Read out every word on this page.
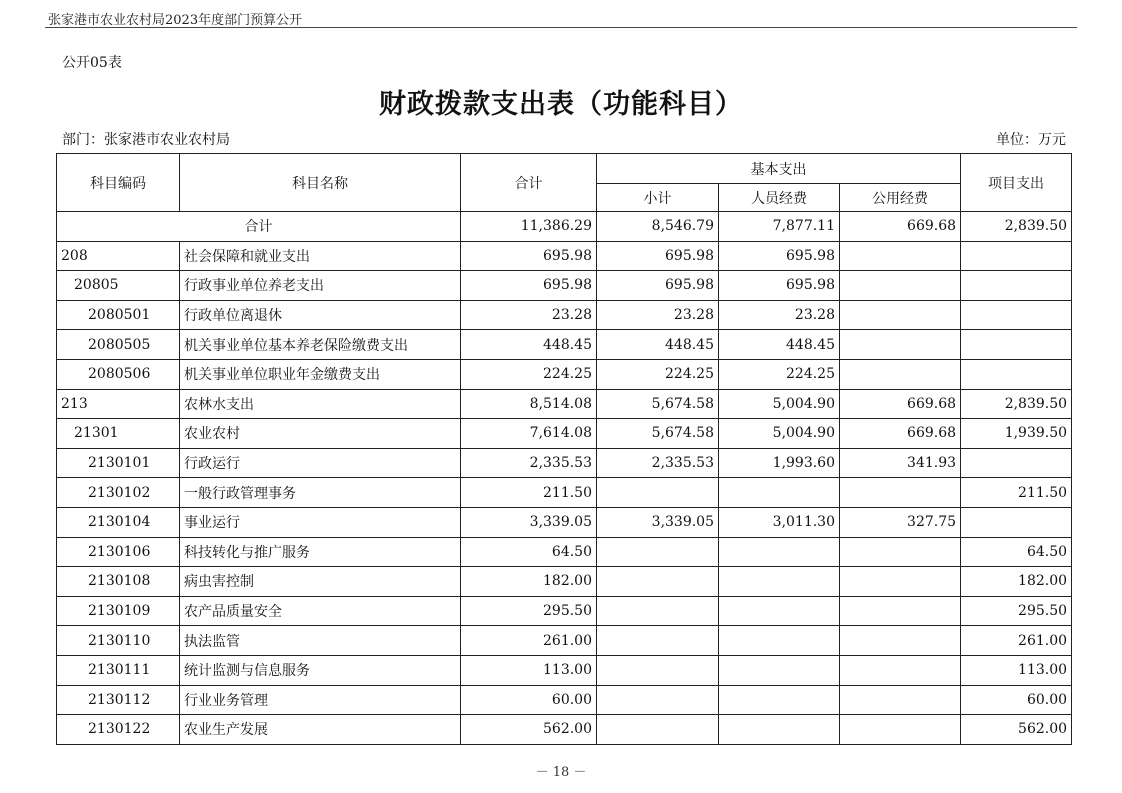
张家港市农业农村局2023年度部门预算公开
公开05表
财政拨款支出表（功能科目）
部门：张家港市农业农村局	单位：万元
科目编码	科目名称	合计	基本支出			项目支出
			小计	人员经费	公用经费	
合计		11,386.29	8,546.79	7,877.11	669.68	2,839.50
208	社会保障和就业支出	695.98	695.98	695.98		
20805	行政事业单位养老支出	695.98	695.98	695.98		
2080501	行政单位离退休	23.28	23.28	23.28		
2080505	机关事业单位基本养老保险缴费支出	448.45	448.45	448.45		
2080506	机关事业单位职业年金缴费支出	224.25	224.25	224.25		
213	农林水支出	8,514.08	5,674.58	5,004.90	669.68	2,839.50
21301	农业农村	7,614.08	5,674.58	5,004.90	669.68	1,939.50
2130101	行政运行	2,335.53	2,335.53	1,993.60	341.93	
2130102	一般行政管理事务	211.50				211.50
2130104	事业运行	3,339.05	3,339.05	3,011.30	327.75	
2130106	科技转化与推广服务	64.50				64.50
2130108	病虫害控制	182.00				182.00
2130109	农产品质量安全	295.50				295.50
2130110	执法监管	261.00				261.00
2130111	统计监测与信息服务	113.00				113.00
2130112	行业业务管理	60.00				60.00
2130122	农业生产发展	562.00				562.00
－ 18 －
